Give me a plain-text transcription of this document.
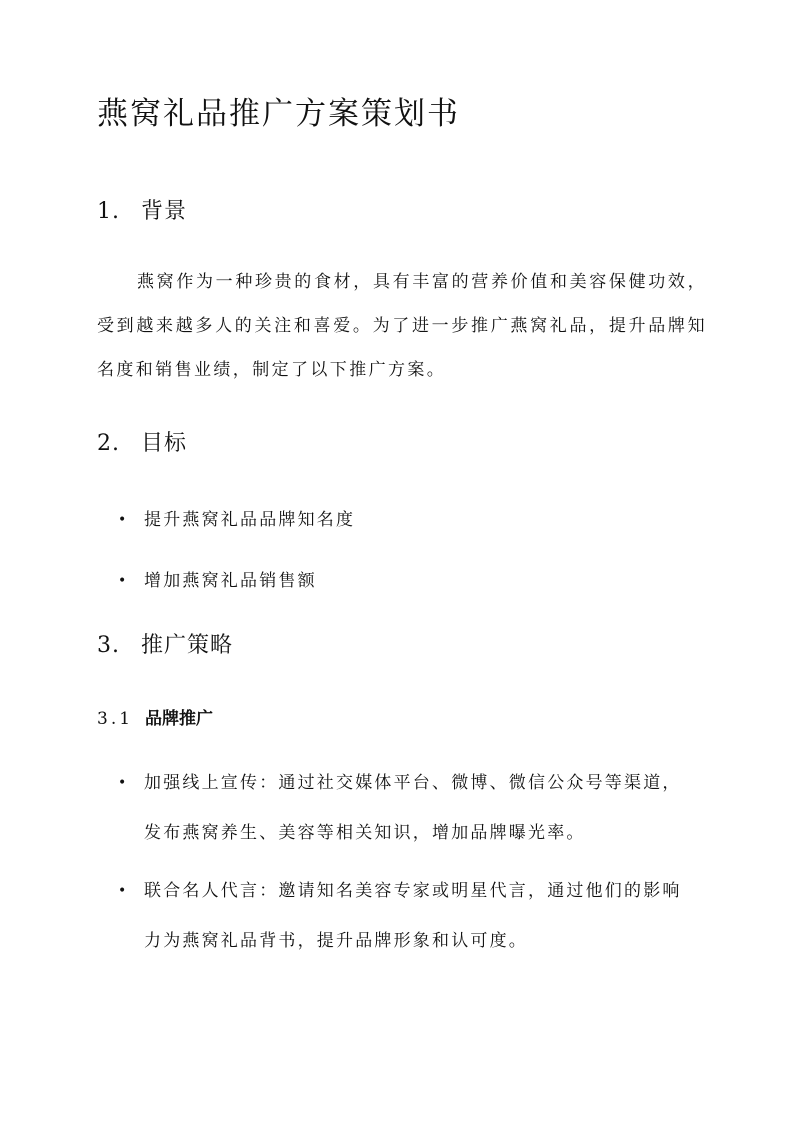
燕窝礼品推广方案策划书
1. 背景

燕窝作为一种珍贵的食材，具有丰富的营养价值和美容保健功效，受到越来越多人的关注和喜爱。为了进一步推广燕窝礼品，提升品牌知名度和销售业绩，制定了以下推广方案。

2. 目标
• 提升燕窝礼品品牌知名度
• 增加燕窝礼品销售额
3. 推广策略
3.1 品牌推广
• 加强线上宣传：通过社交媒体平台、微博、微信公众号等渠道，发布燕窝养生、美容等相关知识，增加品牌曝光率。
• 联合名人代言：邀请知名美容专家或明星代言，通过他们的影响力为燕窝礼品背书，提升品牌形象和认可度。
